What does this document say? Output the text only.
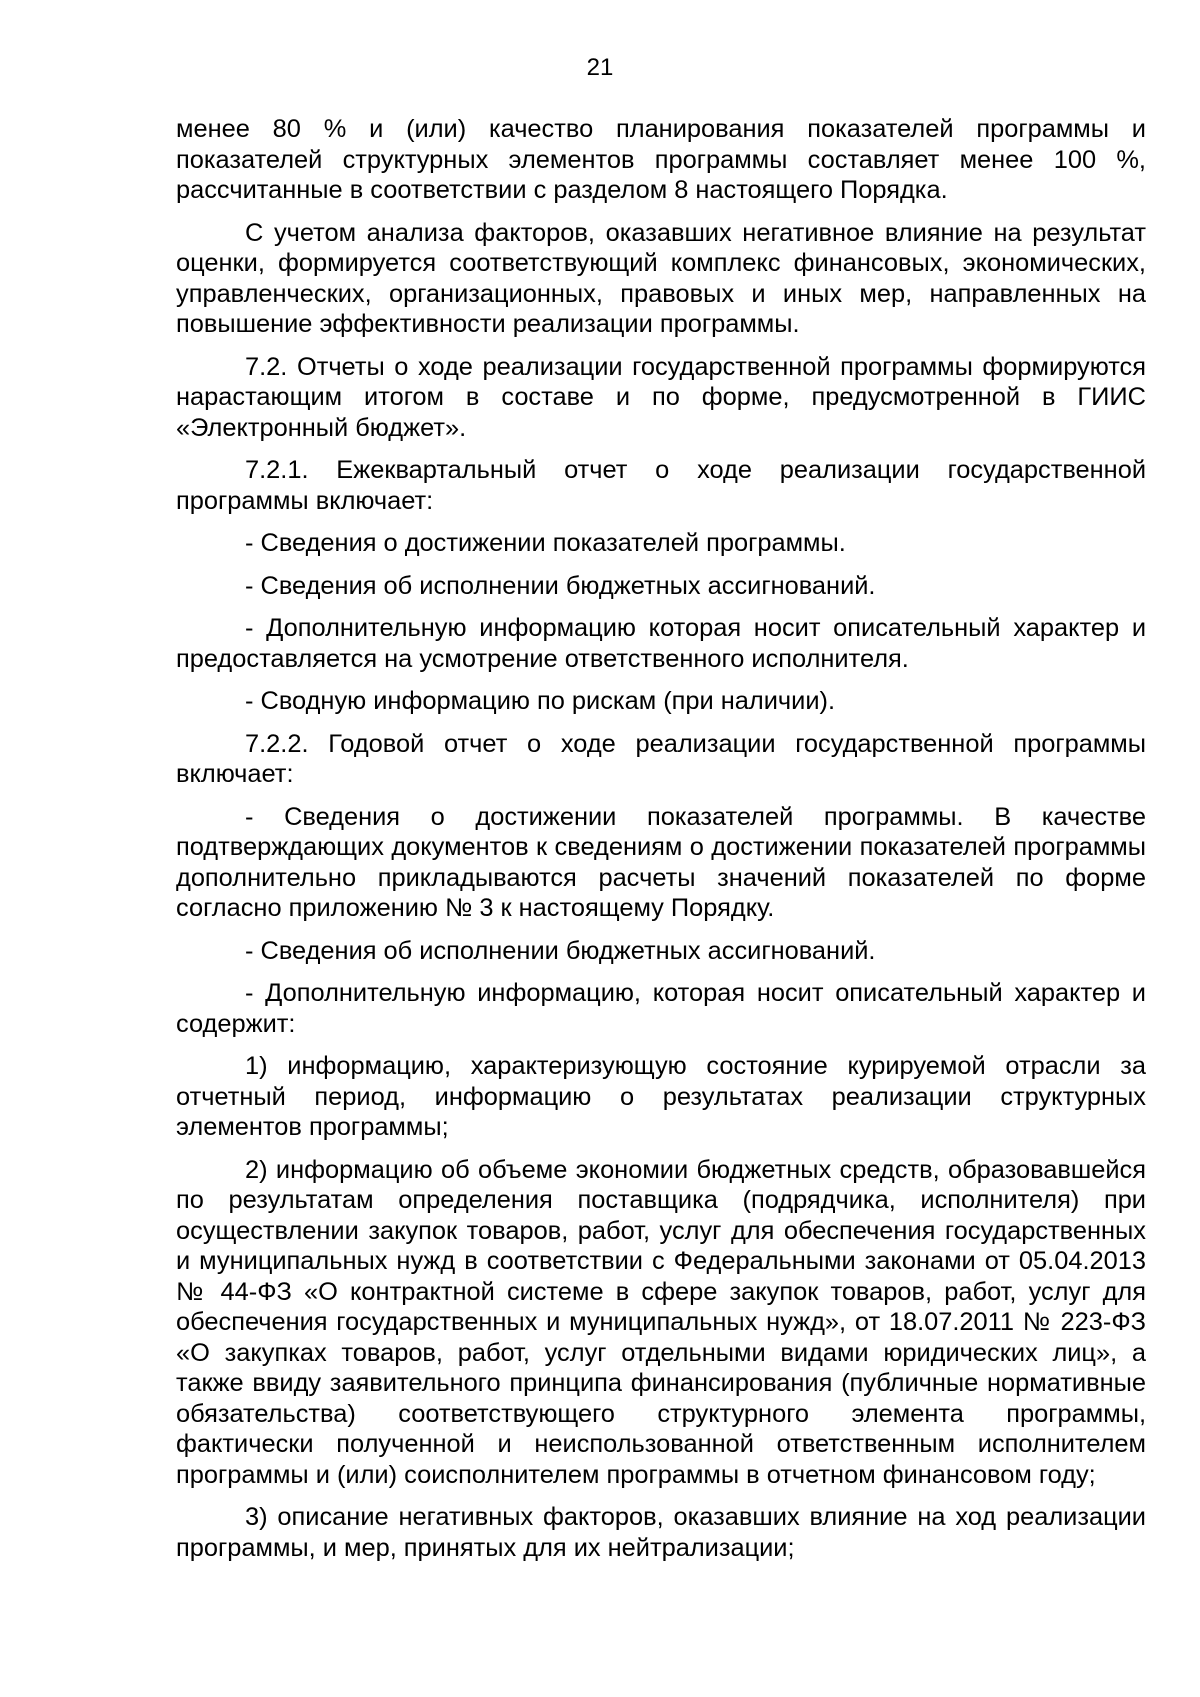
21

менее 80 % и (или) качество планирования показателей программы и показателей структурных элементов программы составляет менее 100 %, рассчитанные в соответствии с разделом 8 настоящего Порядка.

С учетом анализа факторов, оказавших негативное влияние на результат оценки, формируется соответствующий комплекс финансовых, экономических, управленческих, организационных, правовых и иных мер, направленных на повышение эффективности реализации программы.

7.2. Отчеты о ходе реализации государственной программы формируются нарастающим итогом в составе и по форме, предусмотренной в ГИИС «Электронный бюджет».

7.2.1. Ежеквартальный отчет о ходе реализации государственной программы включает:

- Сведения о достижении показателей программы.

- Сведения об исполнении бюджетных ассигнований.

- Дополнительную информацию которая носит описательный характер и предоставляется на усмотрение ответственного исполнителя.

- Сводную информацию по рискам (при наличии).

7.2.2. Годовой отчет о ходе реализации государственной программы включает:

- Сведения о достижении показателей программы. В качестве подтверждающих документов к сведениям о достижении показателей программы дополнительно прикладываются расчеты значений показателей по форме согласно приложению № 3 к настоящему Порядку.

- Сведения об исполнении бюджетных ассигнований.

- Дополнительную информацию, которая носит описательный характер и содержит:

1) информацию, характеризующую состояние курируемой отрасли за отчетный период, информацию о результатах реализации структурных элементов программы;

2) информацию об объеме экономии бюджетных средств, образовавшейся по результатам определения поставщика (подрядчика, исполнителя) при осуществлении закупок товаров, работ, услуг для обеспечения государственных и муниципальных нужд в соответствии с Федеральными законами от 05.04.2013 № 44-ФЗ «О контрактной системе в сфере закупок товаров, работ, услуг для обеспечения государственных и муниципальных нужд», от 18.07.2011 № 223-ФЗ «О закупках товаров, работ, услуг отдельными видами юридических лиц», а также ввиду заявительного принципа финансирования (публичные нормативные обязательства) соответствующего структурного элемента программы, фактически полученной и неиспользованной ответственным исполнителем программы и (или) соисполнителем программы в отчетном финансовом году;

3) описание негативных факторов, оказавших влияние на ход реализации программы, и мер, принятых для их нейтрализации;
